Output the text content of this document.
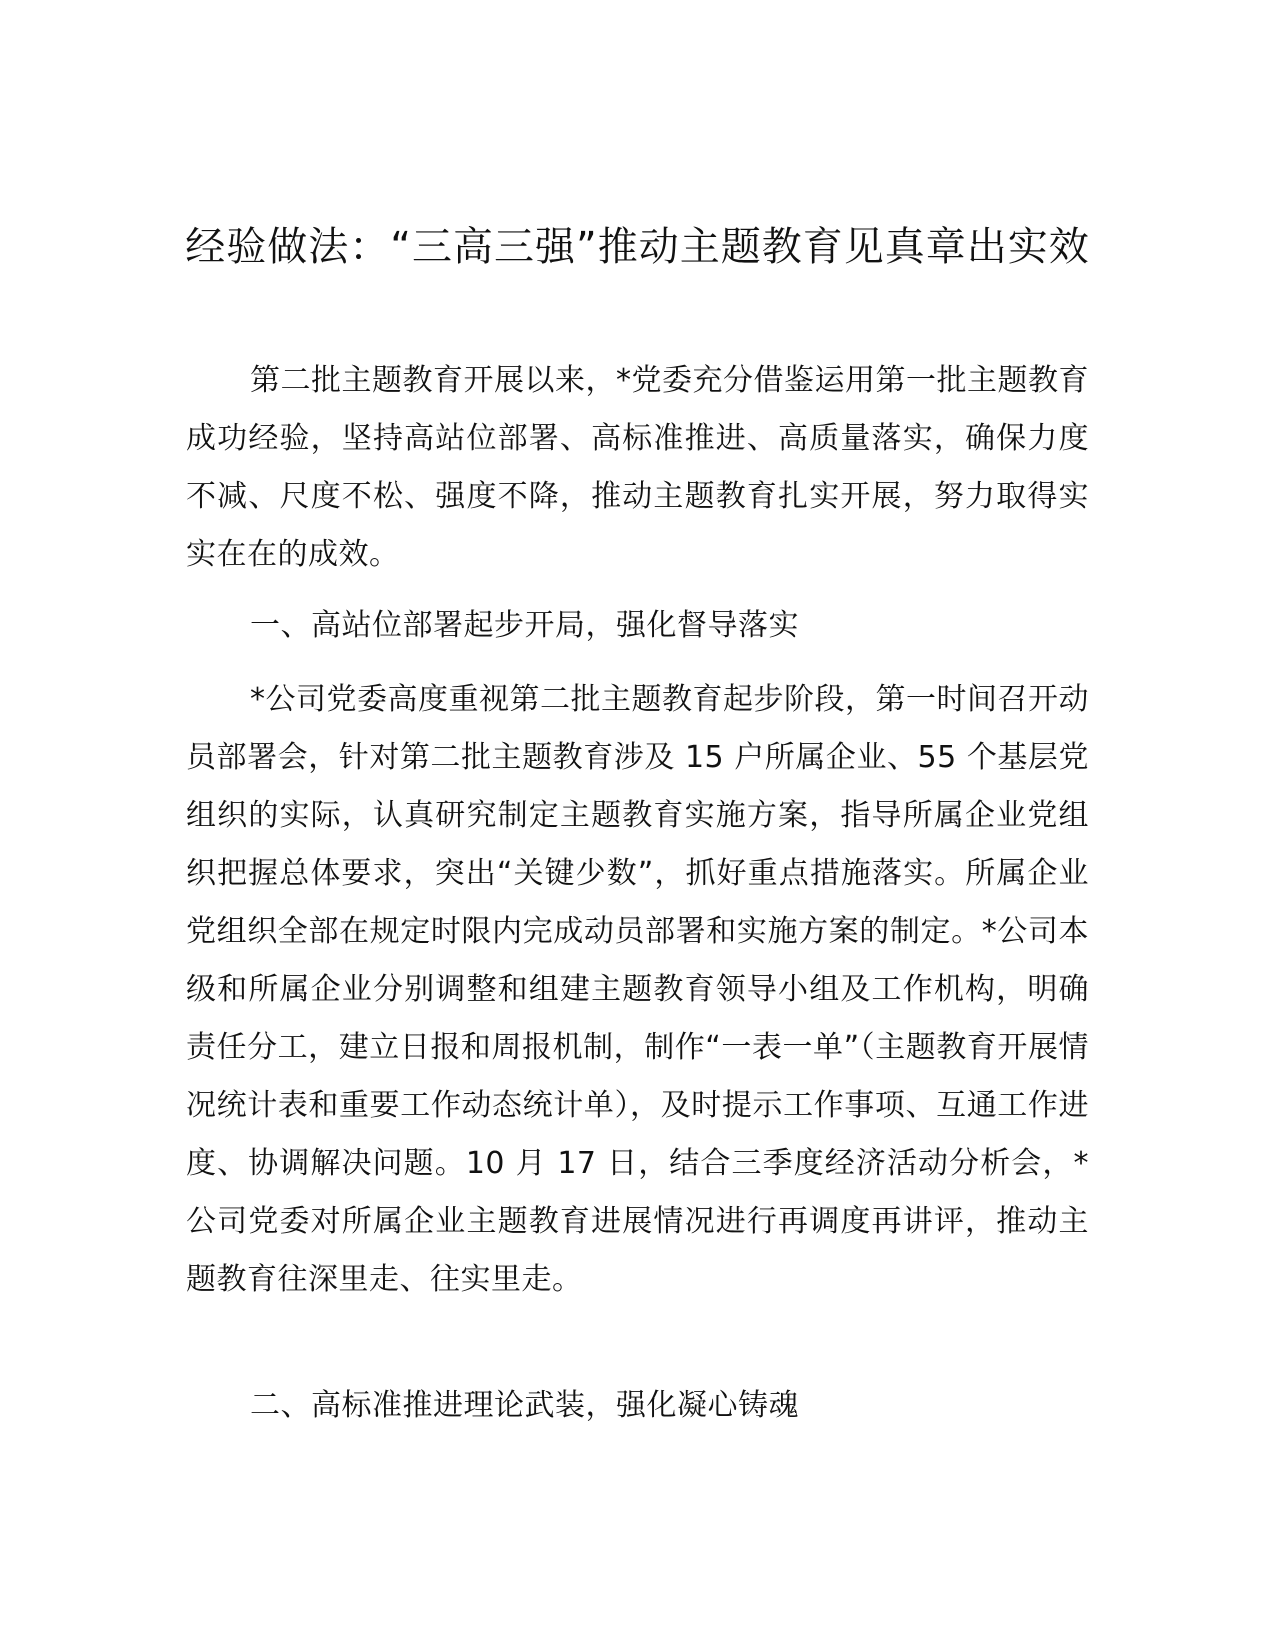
经验做法：“三高三强”推动主题教育见真章出实效

第二批主题教育开展以来，*党委充分借鉴运用第一批主题教育成功经验，坚持高站位部署、高标准推进、高质量落实，确保力度不减、尺度不松、强度不降，推动主题教育扎实开展，努力取得实实在在的成效。

一、高站位部署起步开局，强化督导落实

*公司党委高度重视第二批主题教育起步阶段，第一时间召开动员部署会，针对第二批主题教育涉及 15 户所属企业、55 个基层党组织的实际，认真研究制定主题教育实施方案，指导所属企业党组织把握总体要求，突出“关键少数”，抓好重点措施落实。所属企业党组织全部在规定时限内完成动员部署和实施方案的制定。*公司本级和所属企业分别调整和组建主题教育领导小组及工作机构，明确责任分工，建立日报和周报机制，制作“一表一单”（主题教育开展情况统计表和重要工作动态统计单），及时提示工作事项、互通工作进度、协调解决问题。10 月 17 日，结合三季度经济活动分析会，*公司党委对所属企业主题教育进展情况进行再调度再讲评，推动主题教育往深里走、往实里走。

二、高标准推进理论武装，强化凝心铸魂
